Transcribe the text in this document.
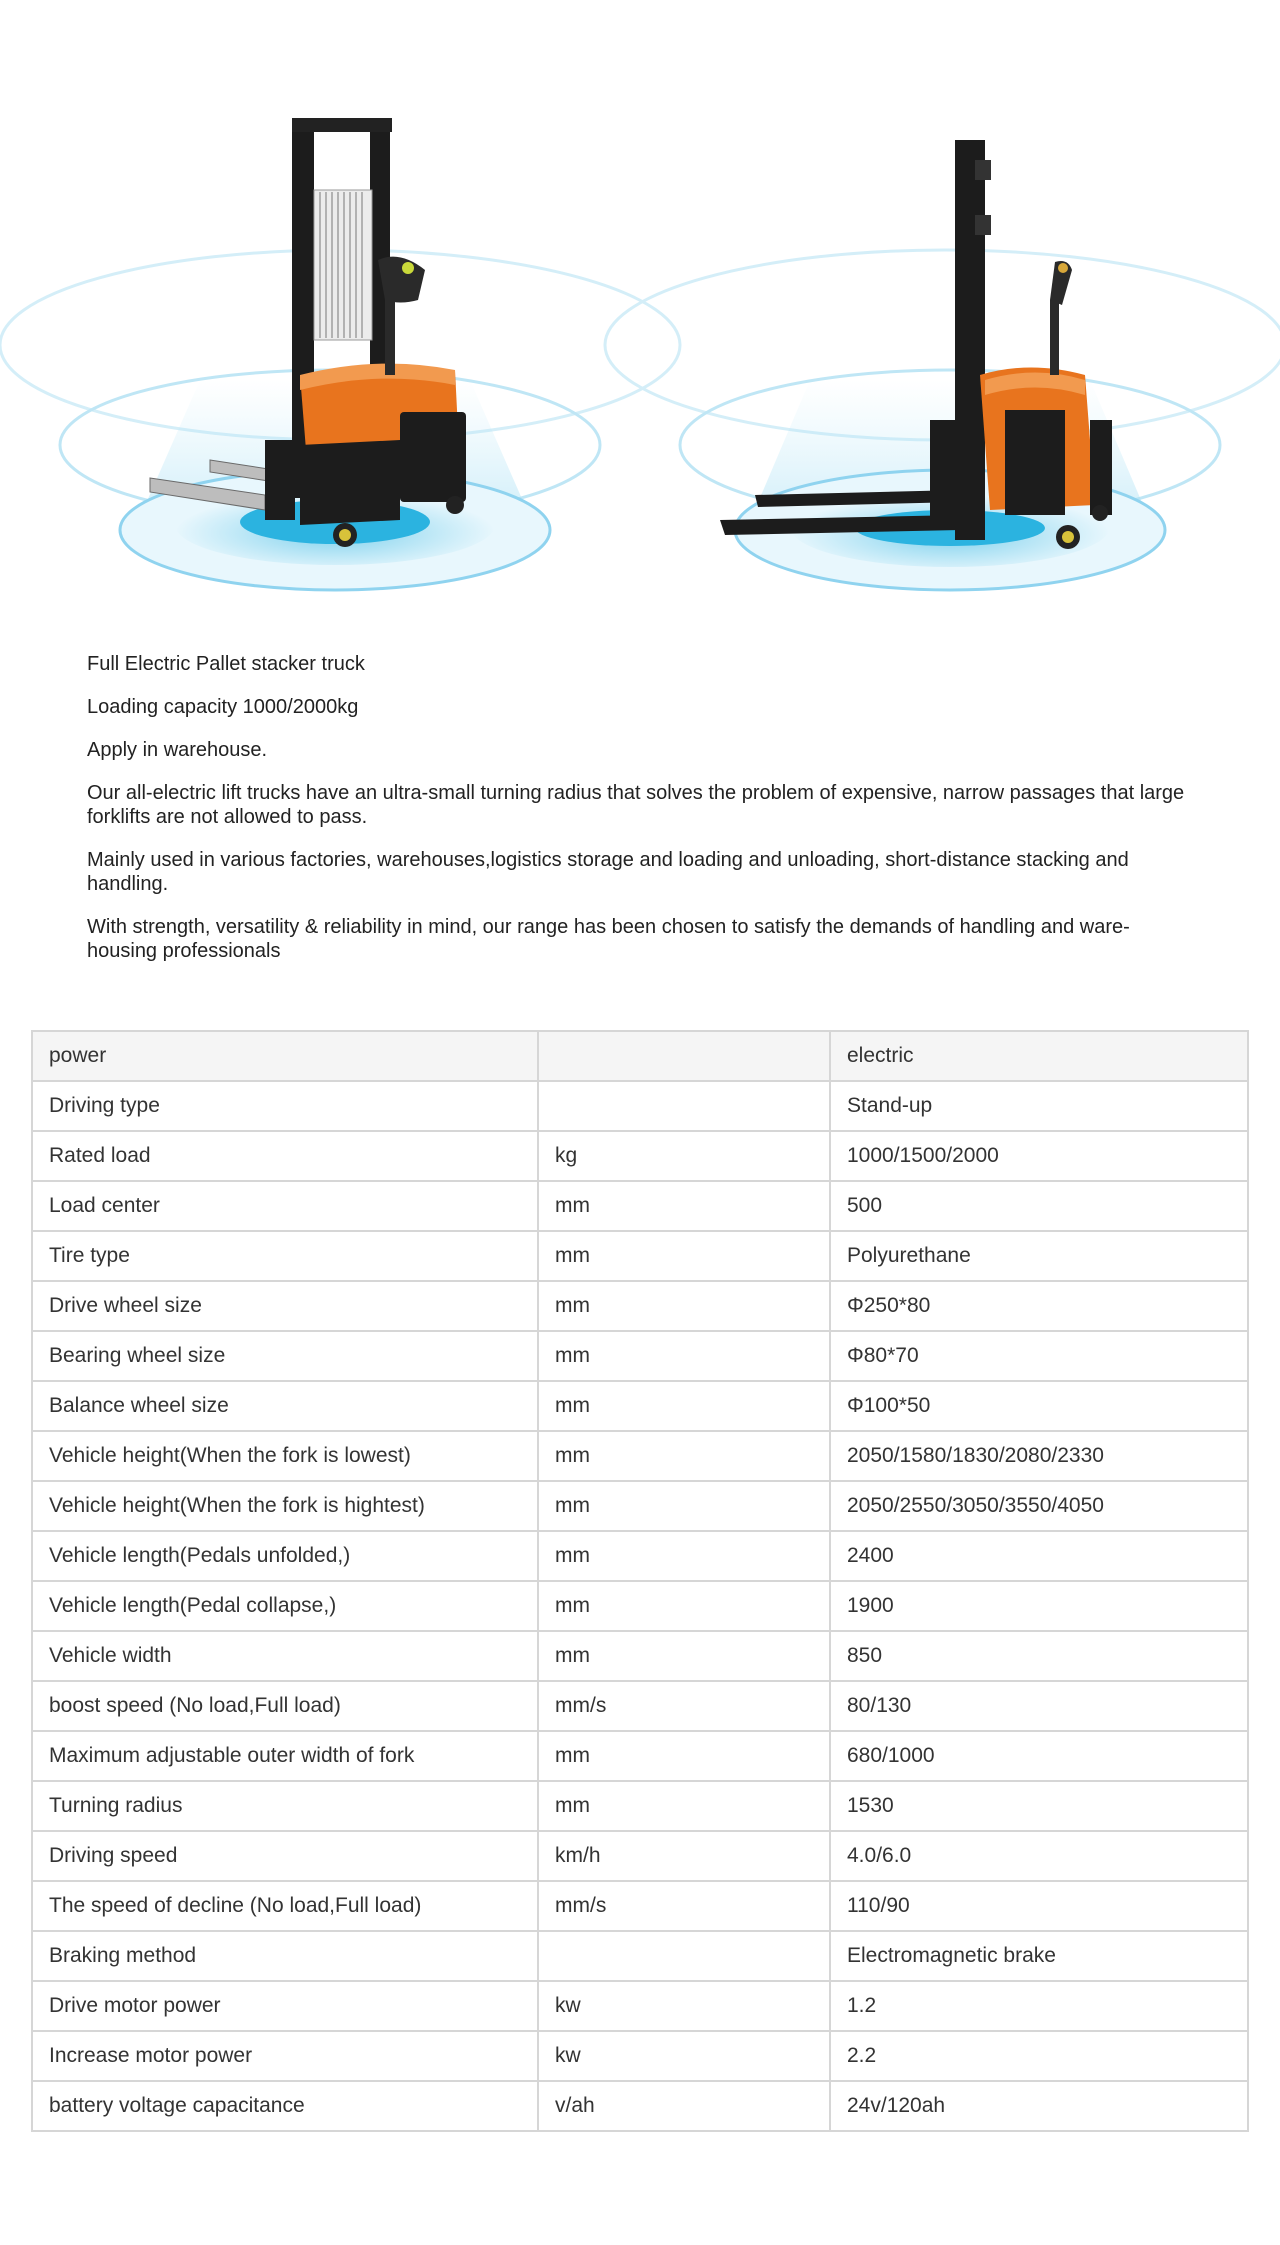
Full Electric Pallet stacker truck

Loading capacity 1000/2000kg

Apply in warehouse.

Our all-electric lift trucks have an ultra-small turning radius that solves the problem of expensive, narrow passages that large forklifts are not allowed to pass.

Mainly used in various factories, warehouses,logistics storage and loading and unloading, short-distance stacking and handling.

With strength, versatility & reliability in mind, our range has been chosen to satisfy the demands of handling and ware-housing professionals

power		electric
Driving type		Stand-up
Rated load	kg	1000/1500/2000
Load center	mm	500
Tire type	mm	Polyurethane
Drive wheel size	mm	Φ250*80
Bearing wheel size	mm	Φ80*70
Balance wheel size	mm	Φ100*50
Vehicle height(When the fork is lowest)	mm	2050/1580/1830/2080/2330
Vehicle height(When the fork is hightest)	mm	2050/2550/3050/3550/4050
Vehicle length(Pedals unfolded,)	mm	2400
Vehicle length(Pedal collapse,)	mm	1900
Vehicle width	mm	850
boost speed (No load,Full load)	mm/s	80/130
Maximum adjustable outer width of fork	mm	680/1000
Turning radius	mm	1530
Driving speed	km/h	4.0/6.0
The speed of decline (No load,Full load)	mm/s	110/90
Braking method		Electromagnetic brake
Drive motor power	kw	1.2
Increase motor power	kw	2.2
battery voltage capacitance	v/ah	24v/120ah
